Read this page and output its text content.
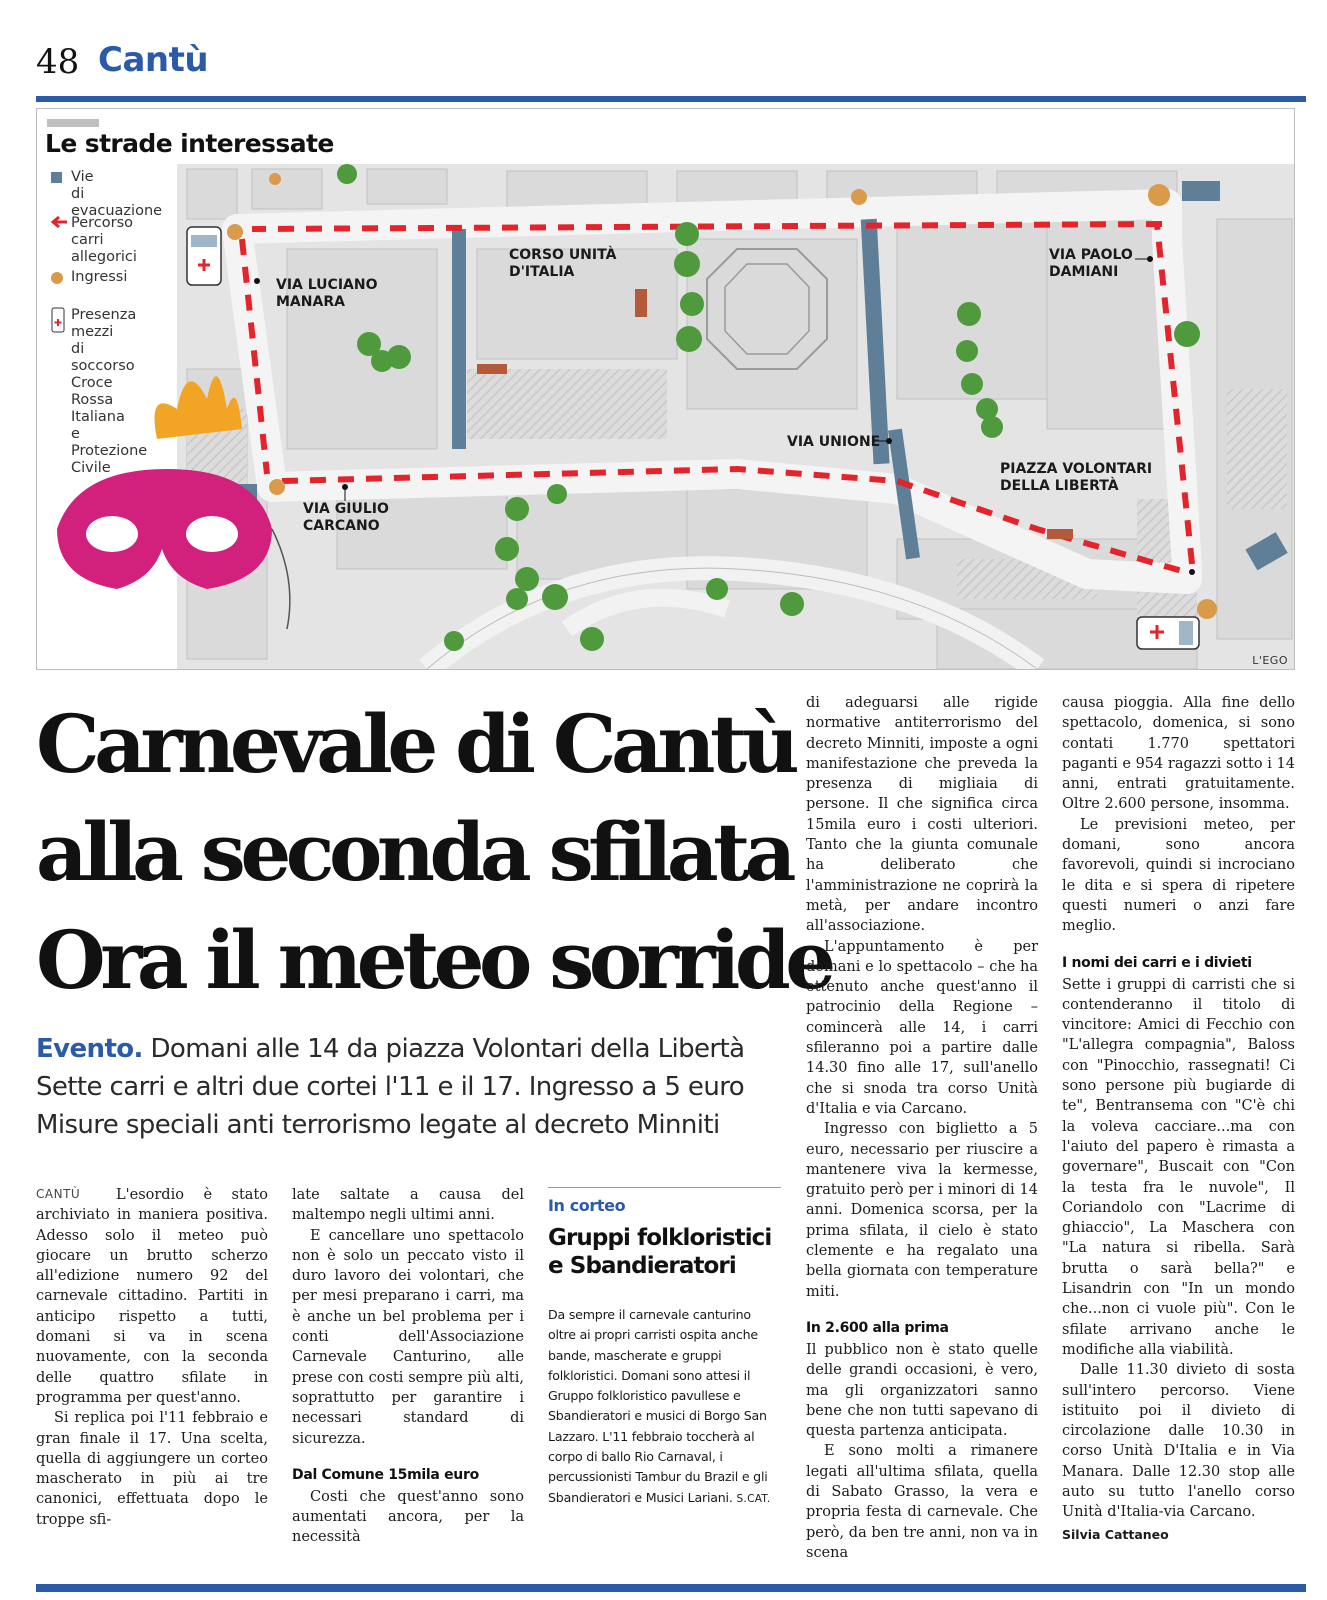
48 Cantù
Le strade interessate
Vie
di evacuazione
Percorso carri
allegorici
Ingressi
Presenza
mezzi
di soccorso
Croce Rossa
Italiana
e Protezione
Civile
VIA LUCIANO
MANARA
CORSO UNITÀ
D'ITALIA
VIA PAOLO
DAMIANI
VIA UNIONE
PIAZZA VOLONTARI
DELLA LIBERTÀ
VIA GIULIO
CARCANO
L'EGO
Carnevale di Cantù
alla seconda sfilata
Ora il meteo sorride
Evento. Domani alle 14 da piazza Volontari della Libertà
Sette carri e altri due cortei l'11 e il 17. Ingresso a 5 euro
Misure speciali anti terrorismo legate al decreto Minniti
CANTÙ	L'esordio è stato archiviato in maniera positiva. Adesso solo il meteo può giocare un brutto scherzo all'edizione numero 92 del carnevale cittadino. Partiti in anticipo rispetto a tutti, domani si va in scena nuovamente, con la seconda delle quattro sfilate in programma per quest'anno.

Si replica poi l'11 febbraio e gran finale il 17. Una scelta, quella di aggiungere un corteo mascherato in più ai tre canonici, effettuata dopo le troppe sfi-

late saltate a causa del maltempo negli ultimi anni.

E cancellare uno spettacolo non è solo un peccato visto il duro lavoro dei volontari, che per mesi preparano i carri, ma è anche un bel problema per i conti dell'Associazione Carnevale Canturino, alle prese con costi sempre più alti, soprattutto per garantire i necessari standard di sicurezza.

Dal Comune 15mila euro

Costi che quest'anno sono aumentati ancora, per la necessità

In corteo
Gruppi folkloristici e Sbandieratori
Da sempre il carnevale canturino oltre ai propri carristi ospita anche bande, mascherate e gruppi folkloristici. Domani sono attesi il Gruppo folkloristico pavullese e Sbandieratori e musici di Borgo San Lazzaro. L'11 febbraio toccherà al corpo di ballo Rio Carnaval, i percussionisti Tambur du Brazil e gli Sbandieratori e Musici Lariani. S.CAT.

di adeguarsi alle rigide normative antiterrorismo del decreto Minniti, imposte a ogni manifestazione che preveda la presenza di migliaia di persone. Il che significa circa 15mila euro i costi ulteriori. Tanto che la giunta comunale ha deliberato che l'amministrazione ne coprirà la metà, per andare incontro all'associazione.

L'appuntamento è per domani e lo spettacolo – che ha ottenuto anche quest'anno il patrocinio della Regione – comincerà alle 14, i carri sfileranno poi a partire dalle 14.30 fino alle 17, sull'anello che si snoda tra corso Unità d'Italia e via Carcano.

Ingresso con biglietto a 5 euro, necessario per riuscire a mantenere viva la kermesse, gratuito però per i minori di 14 anni. Domenica scorsa, per la prima sfilata, il cielo è stato clemente e ha regalato una bella giornata con temperature miti.

In 2.600 alla prima

Il pubblico non è stato quelle delle grandi occasioni, è vero, ma gli organizzatori sanno bene che non tutti sapevano di questa partenza anticipata.

E sono molti a rimanere legati all'ultima sfilata, quella di Sabato Grasso, la vera e propria festa di carnevale. Che però, da ben tre anni, non va in scena

causa pioggia. Alla fine dello spettacolo, domenica, si sono contati 1.770 spettatori paganti e 954 ragazzi sotto i 14 anni, entrati gratuitamente. Oltre 2.600 persone, insomma.

Le previsioni meteo, per domani, sono ancora favorevoli, quindi si incrociano le dita e si spera di ripetere questi numeri o anzi fare meglio.

I nomi dei carri e i divieti

Sette i gruppi di carristi che si contenderanno il titolo di vincitore: Amici di Fecchio con "L'allegra compagnia", Baloss con "Pinocchio, rassegnati! Ci sono persone più bugiarde di te", Bentransema con "C'è chi la voleva cacciare...ma con l'aiuto del papero è rimasta a governare", Buscait con "Con la testa fra le nuvole", Il Coriandolo con "Lacrime di ghiaccio", La Maschera con "La natura si ribella. Sarà brutta o sarà bella?" e Lisandrin con "In un mondo che...non ci vuole più". Con le sfilate arrivano anche le modifiche alla viabilità.

Dalle 11.30 divieto di sosta sull'intero percorso. Viene istituito poi il divieto di circolazione dalle 10.30 in corso Unità D'Italia e in Via Manara. Dalle 12.30 stop alle auto su tutto l'anello corso Unità d'Italia-via Carcano.

Silvia Cattaneo
